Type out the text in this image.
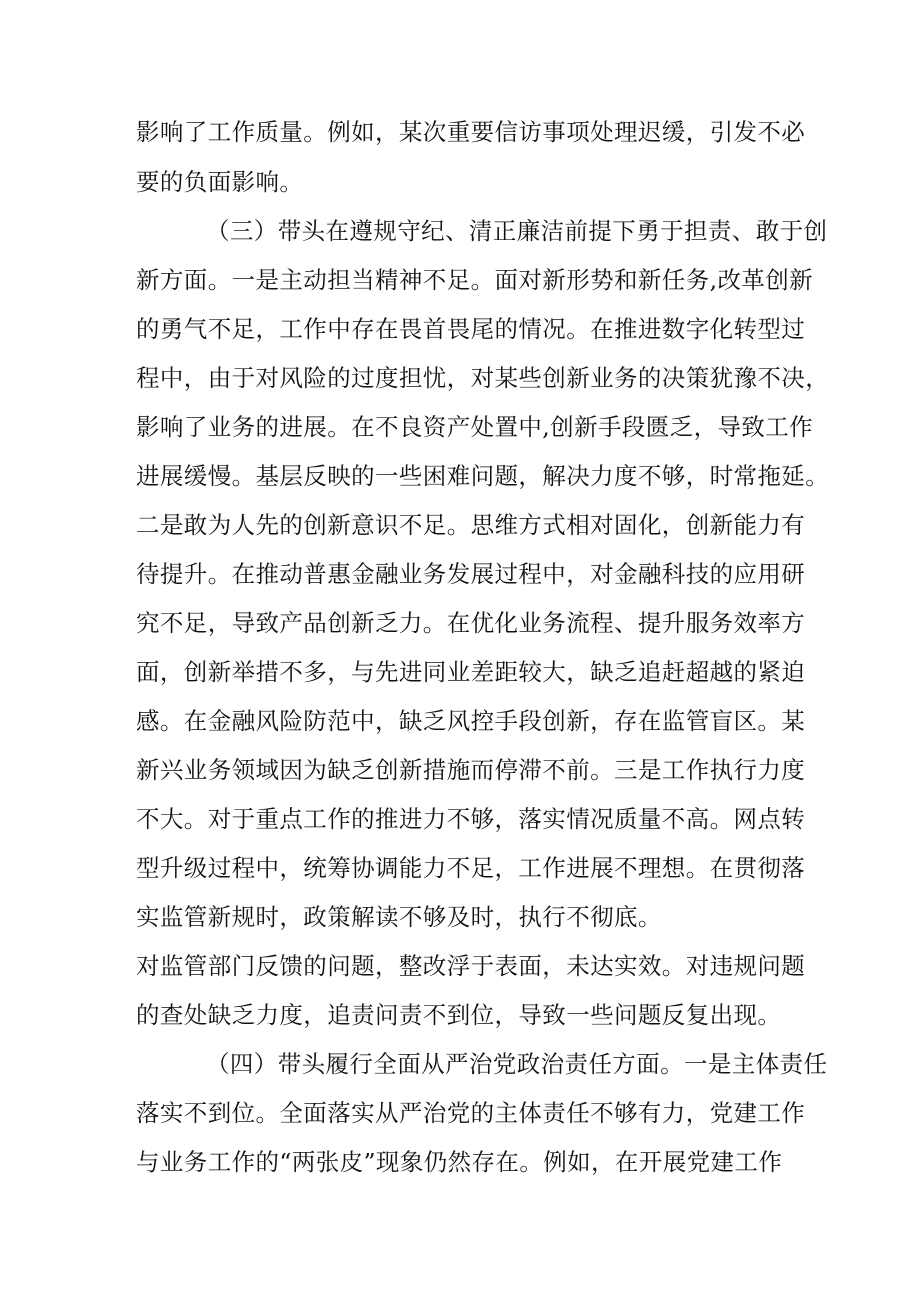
影响了工作质量。例如，某次重要信访事项处理迟缓，引发不必
要的负面影响。
（三）带头在遵规守纪、清正廉洁前提下勇于担责、敢于创
新方面。一是主动担当精神不足。面对新形势和新任务,改革创新
的勇气不足，工作中存在畏首畏尾的情况。在推进数字化转型过
程中，由于对风险的过度担忧，对某些创新业务的决策犹豫不决，
影响了业务的进展。在不良资产处置中,创新手段匮乏，导致工作
进展缓慢。基层反映的一些困难问题，解决力度不够，时常拖延。
二是敢为人先的创新意识不足。思维方式相对固化，创新能力有
待提升。在推动普惠金融业务发展过程中，对金融科技的应用研
究不足，导致产品创新乏力。在优化业务流程、提升服务效率方
面，创新举措不多，与先进同业差距较大，缺乏追赶超越的紧迫
感。在金融风险防范中，缺乏风控手段创新，存在监管盲区。某
新兴业务领域因为缺乏创新措施而停滞不前。三是工作执行力度
不大。对于重点工作的推进力不够，落实情况质量不高。网点转
型升级过程中，统筹协调能力不足，工作进展不理想。在贯彻落
实监管新规时，政策解读不够及时，执行不彻底。
对监管部门反馈的问题，整改浮于表面，未达实效。对违规问题
的查处缺乏力度，追责问责不到位，导致一些问题反复出现。
（四）带头履行全面从严治党政治责任方面。一是主体责任
落实不到位。全面落实从严治党的主体责任不够有力，党建工作
与业务工作的“两张皮”现象仍然存在。例如，在开展党建工作
